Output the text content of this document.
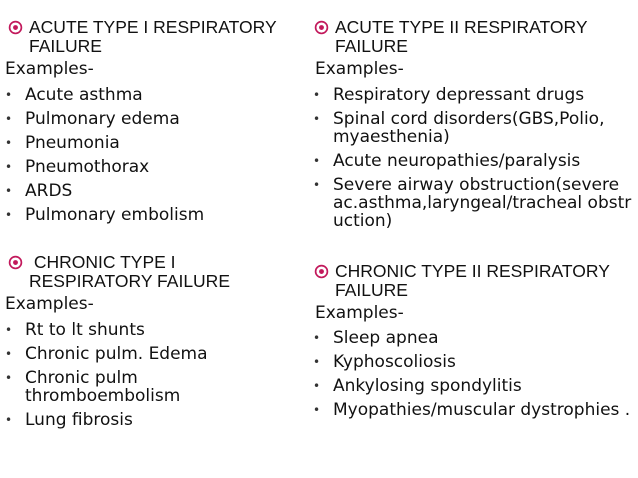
ACUTE TYPE I RESPIRATORY FAILURE
Examples-
• Acute asthma
• Pulmonary edema
• Pneumonia
• Pneumothorax
• ARDS
• Pulmonary embolism
CHRONIC TYPE I RESPIRATORY FAILURE
Examples-
• Rt to lt shunts
• Chronic pulm. Edema
• Chronic pulm thromboembolism
• Lung fibrosis
ACUTE TYPE II RESPIRATORY FAILURE
Examples-
• Respiratory depressant drugs
• Spinal cord disorders(GBS,Polio, myaesthenia)
• Acute neuropathies/paralysis
• Severe airway obstruction(severe ac.asthma,laryngeal/tracheal obstruction)
CHRONIC TYPE II RESPIRATORY FAILURE
Examples-
• Sleep apnea
• Kyphoscoliosis
• Ankylosing spondylitis
• Myopathies/muscular dystrophies .
